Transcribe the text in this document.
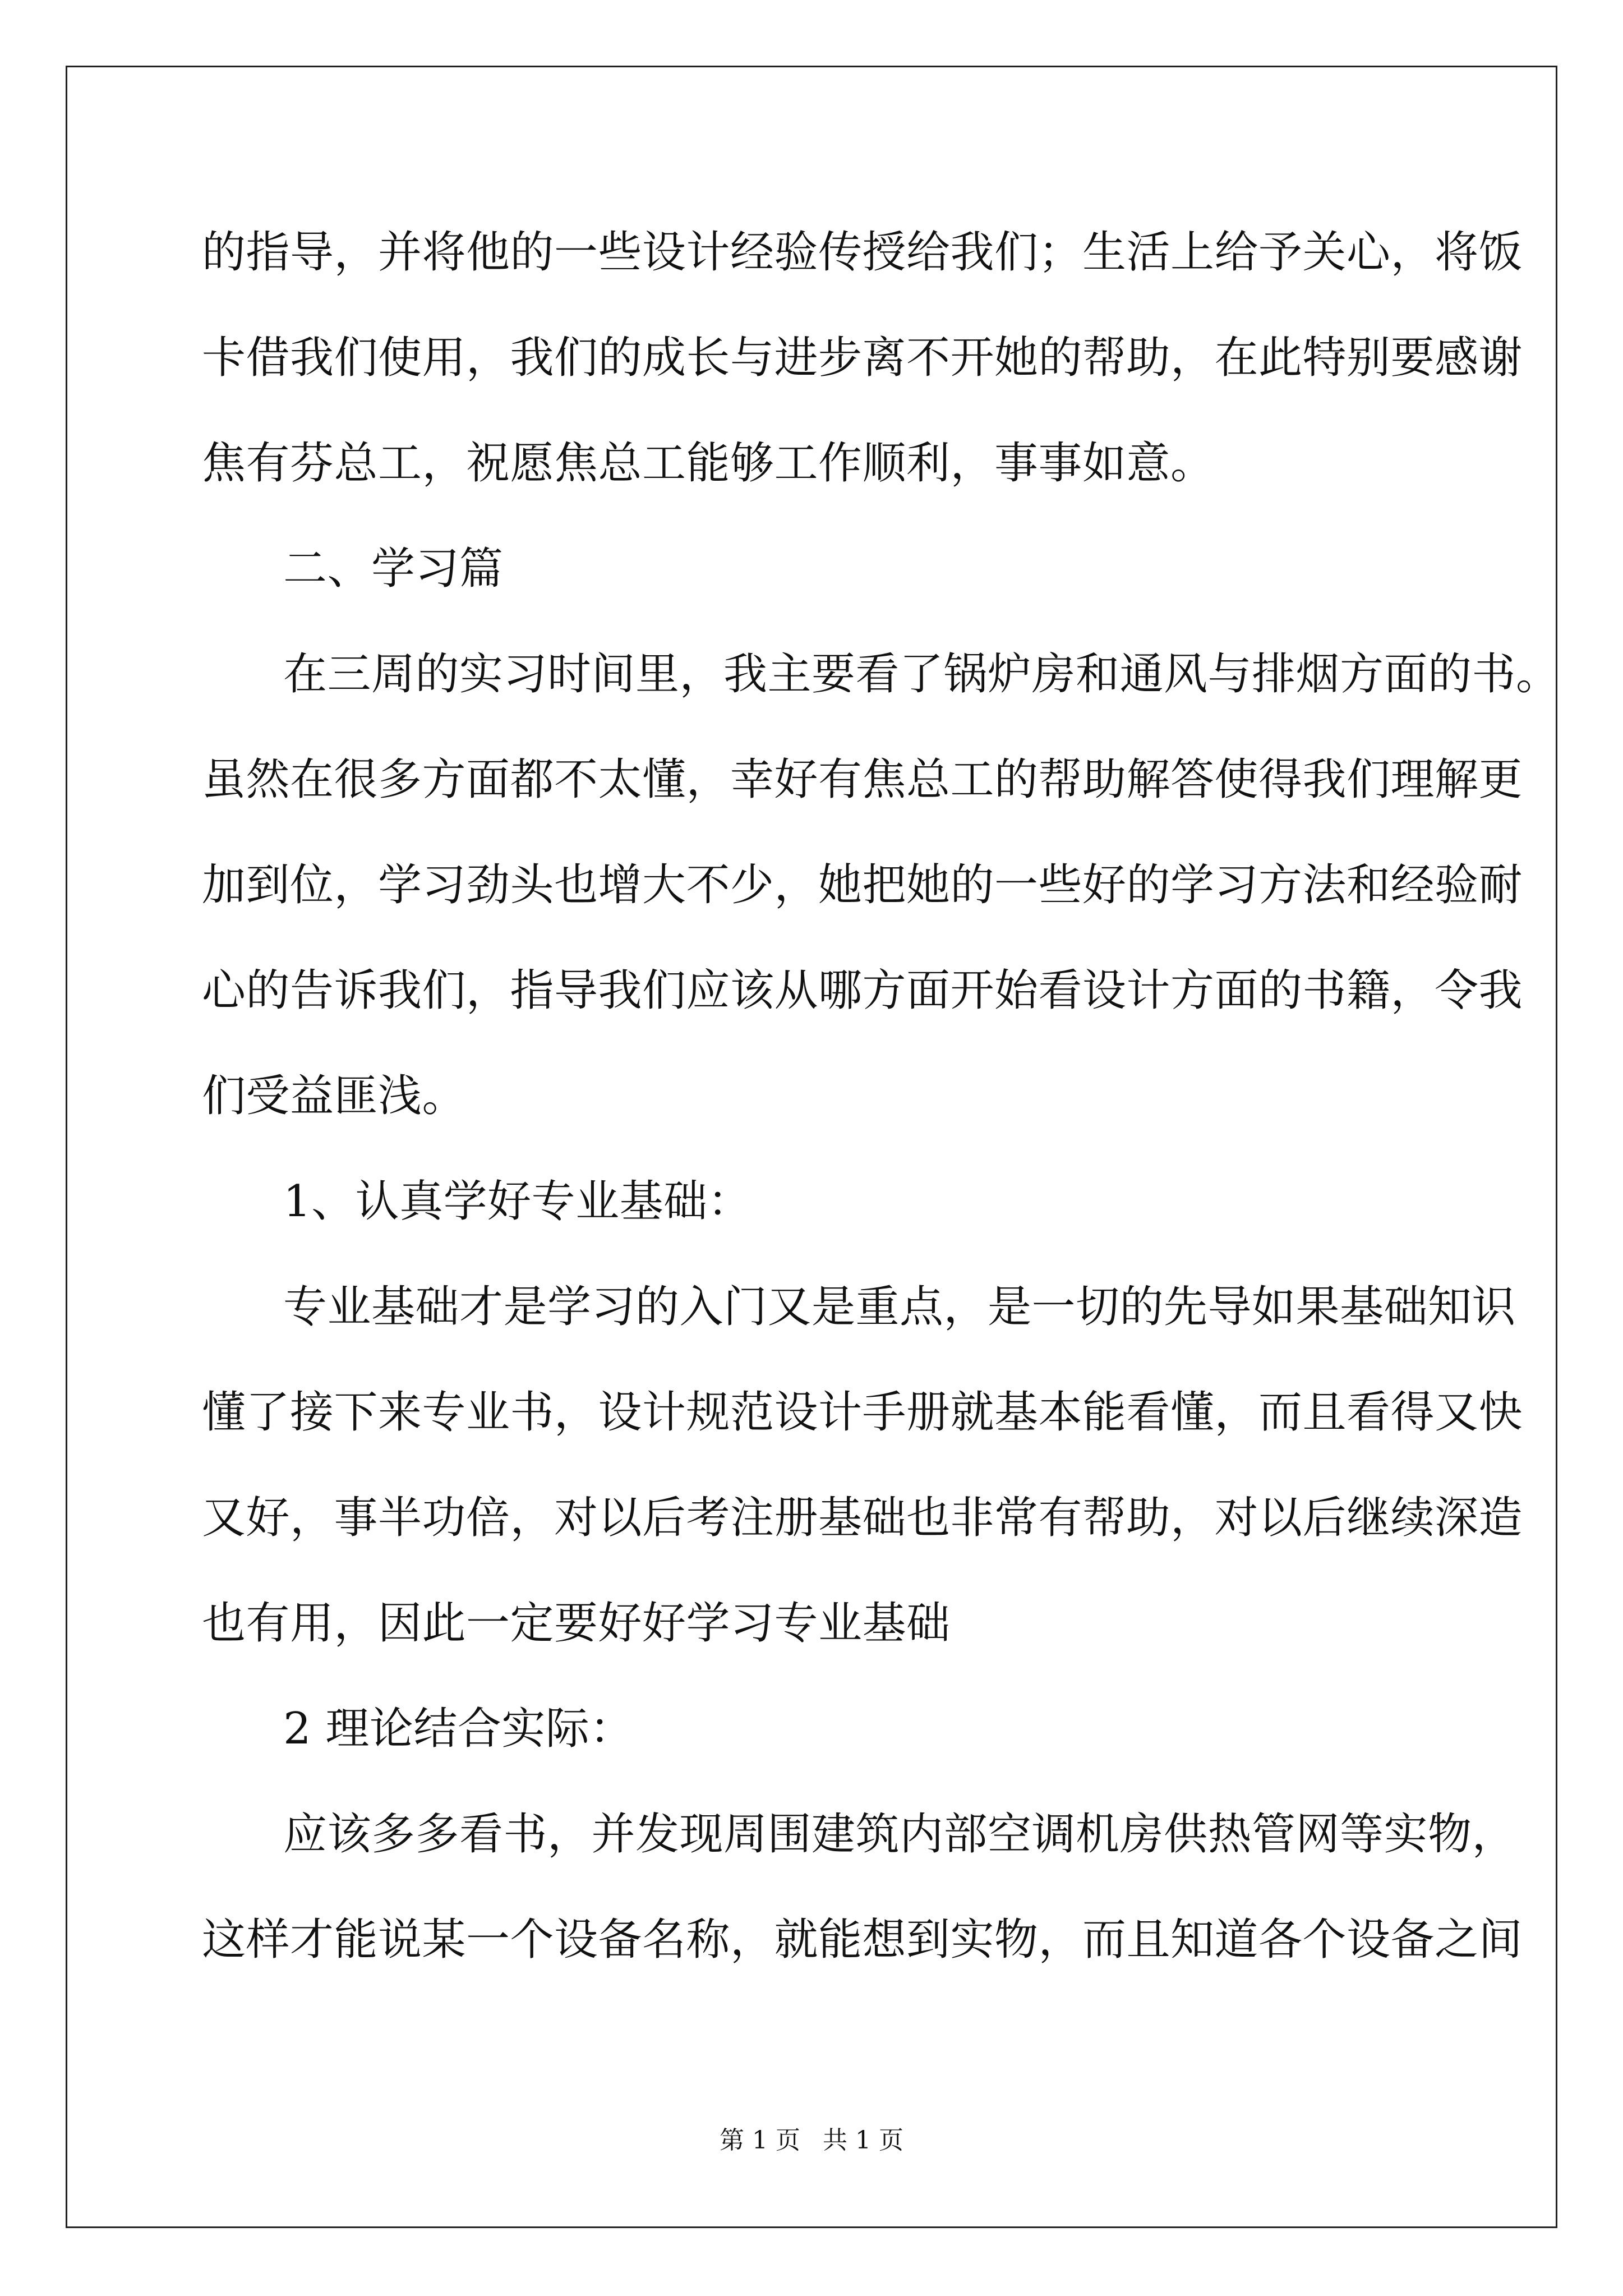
的指导，并将他的一些设计经验传授给我们；生活上给予关心，将饭
卡借我们使用，我们的成长与进步离不开她的帮助，在此特别要感谢
焦有芬总工，祝愿焦总工能够工作顺利，事事如意。
二、学习篇
在三周的实习时间里，我主要看了锅炉房和通风与排烟方面的书。
虽然在很多方面都不太懂，幸好有焦总工的帮助解答使得我们理解更
加到位，学习劲头也增大不少，她把她的一些好的学习方法和经验耐
心的告诉我们，指导我们应该从哪方面开始看设计方面的书籍，令我
们受益匪浅。
1、认真学好专业基础：
专业基础才是学习的入门又是重点，是一切的先导如果基础知识
懂了接下来专业书，设计规范设计手册就基本能看懂，而且看得又快
又好，事半功倍，对以后考注册基础也非常有帮助，对以后继续深造
也有用，因此一定要好好学习专业基础
2 理论结合实际：
应该多多看书，并发现周围建筑内部空调机房供热管网等实物，
这样才能说某一个设备名称，就能想到实物，而且知道各个设备之间
第 1 页 共 1 页
